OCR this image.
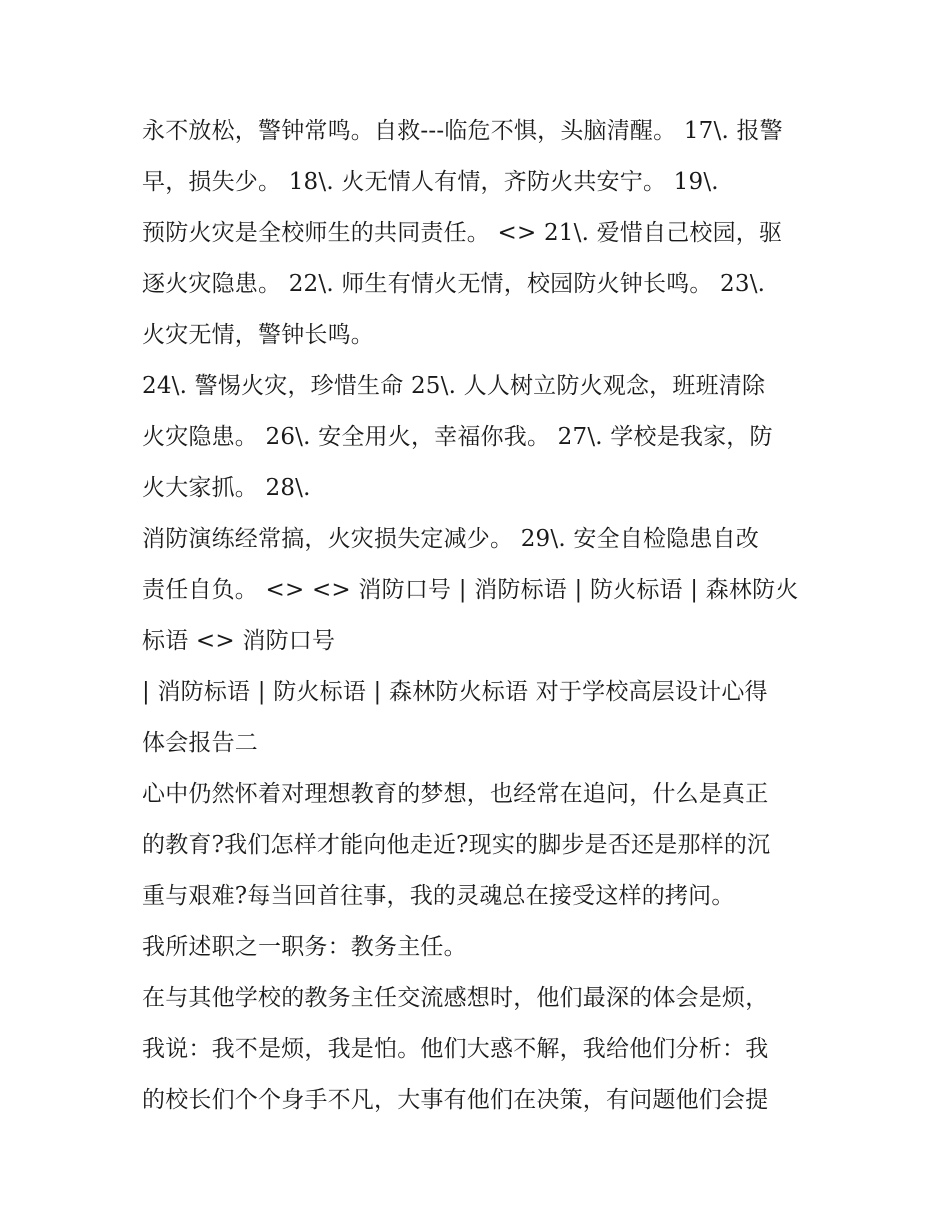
永不放松，警钟常鸣。自救---临危不惧，头脑清醒。 17\. 报警
早，损失少。 18\. 火无情人有情，齐防火共安宁。 19\.
预防火灾是全校师生的共同责任。 <> 21\. 爱惜自己校园，驱
逐火灾隐患。 22\. 师生有情火无情，校园防火钟长鸣。 23\.
火灾无情，警钟长鸣。
24\. 警惕火灾，珍惜生命 25\. 人人树立防火观念，班班清除
火灾隐患。 26\. 安全用火，幸福你我。 27\. 学校是我家，防
火大家抓。 28\.
消防演练经常搞，火灾损失定减少。 29\. 安全自检隐患自改
责任自负。 <> <> 消防口号 | 消防标语 | 防火标语 | 森林防火
标语 <> 消防口号
| 消防标语 | 防火标语 | 森林防火标语 对于学校高层设计心得
体会报告二
心中仍然怀着对理想教育的梦想，也经常在追问，什么是真正
的教育?我们怎样才能向他走近?现实的脚步是否还是那样的沉
重与艰难?每当回首往事，我的灵魂总在接受这样的拷问。
我所述职之一职务：教务主任。
在与其他学校的教务主任交流感想时，他们最深的体会是烦，
我说：我不是烦，我是怕。他们大惑不解，我给他们分析：我
的校长们个个身手不凡，大事有他们在决策，有问题他们会提
